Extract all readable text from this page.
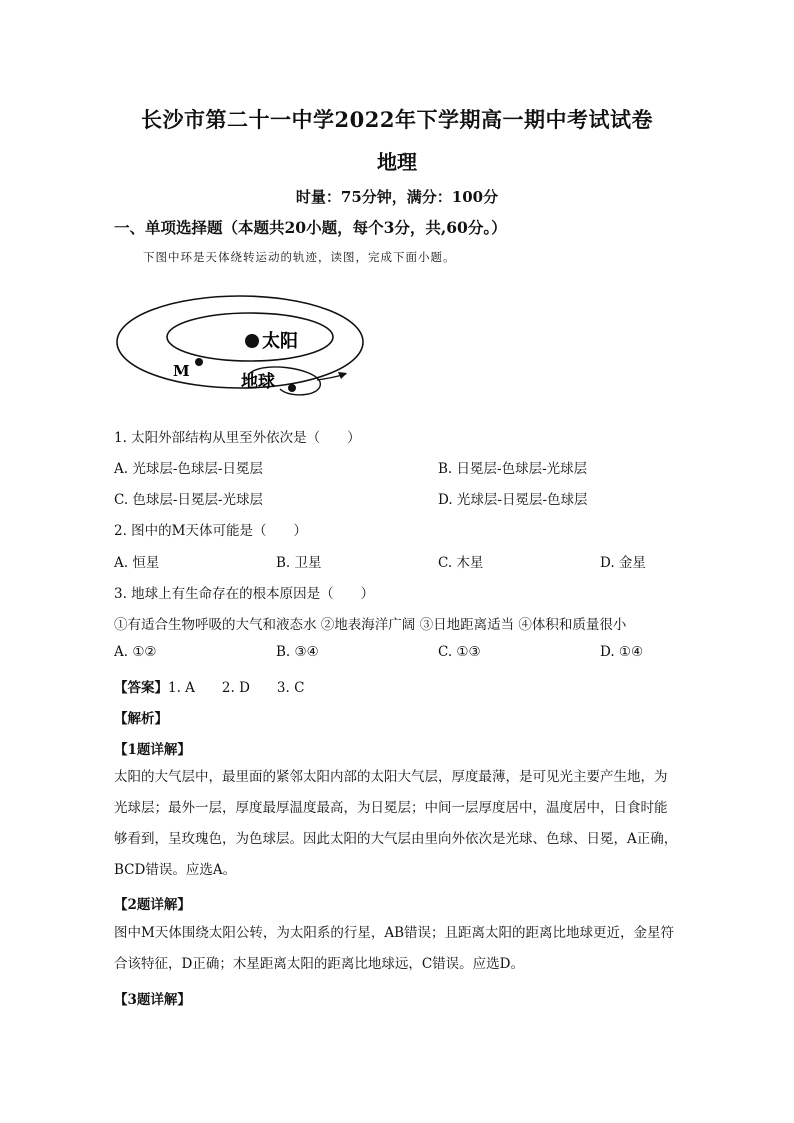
长沙市第二十一中学2022年下学期高一期中考试试卷
地理
时量：75分钟，满分：100分
一、单项选择题（本题共20小题，每个3分，共,60分。）
下图中环是天体绕转运动的轨迹，读图，完成下面小题。
太阳
M
地球
1. 太阳外部结构从里至外依次是（　　）
A. 光球层-色球层-日冕层	B. 日冕层-色球层-光球层
C. 色球层-日冕层-光球层	D. 光球层-日冕层-色球层
2. 图中的M天体可能是（　　）
A. 恒星	B. 卫星	C. 木星	D. 金星
3. 地球上有生命存在的根本原因是（　　）
①有适合生物呼吸的大气和液态水 ②地表海洋广阔 ③日地距离适当 ④体积和质量很小
A. ①②	B. ③④	C. ①③	D. ①④
【答案】1. A　　2. D　　3. C
【解析】
【1题详解】
太阳的大气层中，最里面的紧邻太阳内部的太阳大气层，厚度最薄，是可见光主要产生地，为光球层；最外一层，厚度最厚温度最高，为日冕层；中间一层厚度居中，温度居中，日食时能够看到，呈玫瑰色，为色球层。因此太阳的大气层由里向外依次是光球、色球、日冕，A正确，BCD错误。应选A。
【2题详解】
图中M天体围绕太阳公转，为太阳系的行星，AB错误；且距离太阳的距离比地球更近，金星符合该特征，D正确；木星距离太阳的距离比地球远，C错误。应选D。
【3题详解】
